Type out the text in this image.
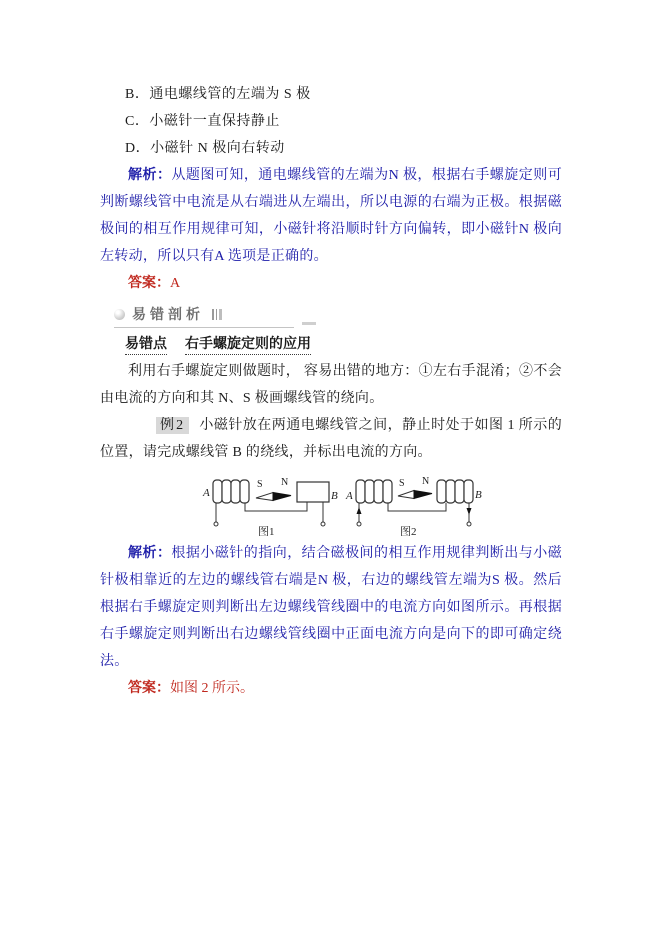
B．通电螺线管的左端为 S 极
C．小磁针一直保持静止
D．小磁针 N 极向右转动

解析：从题图可知，通电螺线管的左端为N 极，根据右手螺旋定则可判断螺线管中电流是从右端进从左端出，所以电源的右端为正极。根据磁极间的相互作用规律可知，小磁针将沿顺时针方向偏转，即小磁针N 极向左转动，所以只有A 选项是正确的。

答案：A

易错剖析
易错点 右手螺旋定则的应用

利用右手螺旋定则做题时， 容易出错的地方：①左右手混淆；②不会由电流的方向和其 N、S 极画螺线管的绕向。

例2 小磁针放在两通电螺线管之间，静止时处于如图 1 所示的位置，请完成螺线管 B 的绕线，并标出电流的方向。

A
S N
B
图1
A
S N
B
图2

解析：根据小磁针的指向，结合磁极间的相互作用规律判断出与小磁针极相靠近的左边的螺线管右端是N 极，右边的螺线管左端为S 极。然后根据右手螺旋定则判断出左边螺线管线圈中的电流方向如图所示。再根据右手螺旋定则判断出右边螺线管线圈中正面电流方向是向下的即可确定绕法。

答案：如图 2 所示。
